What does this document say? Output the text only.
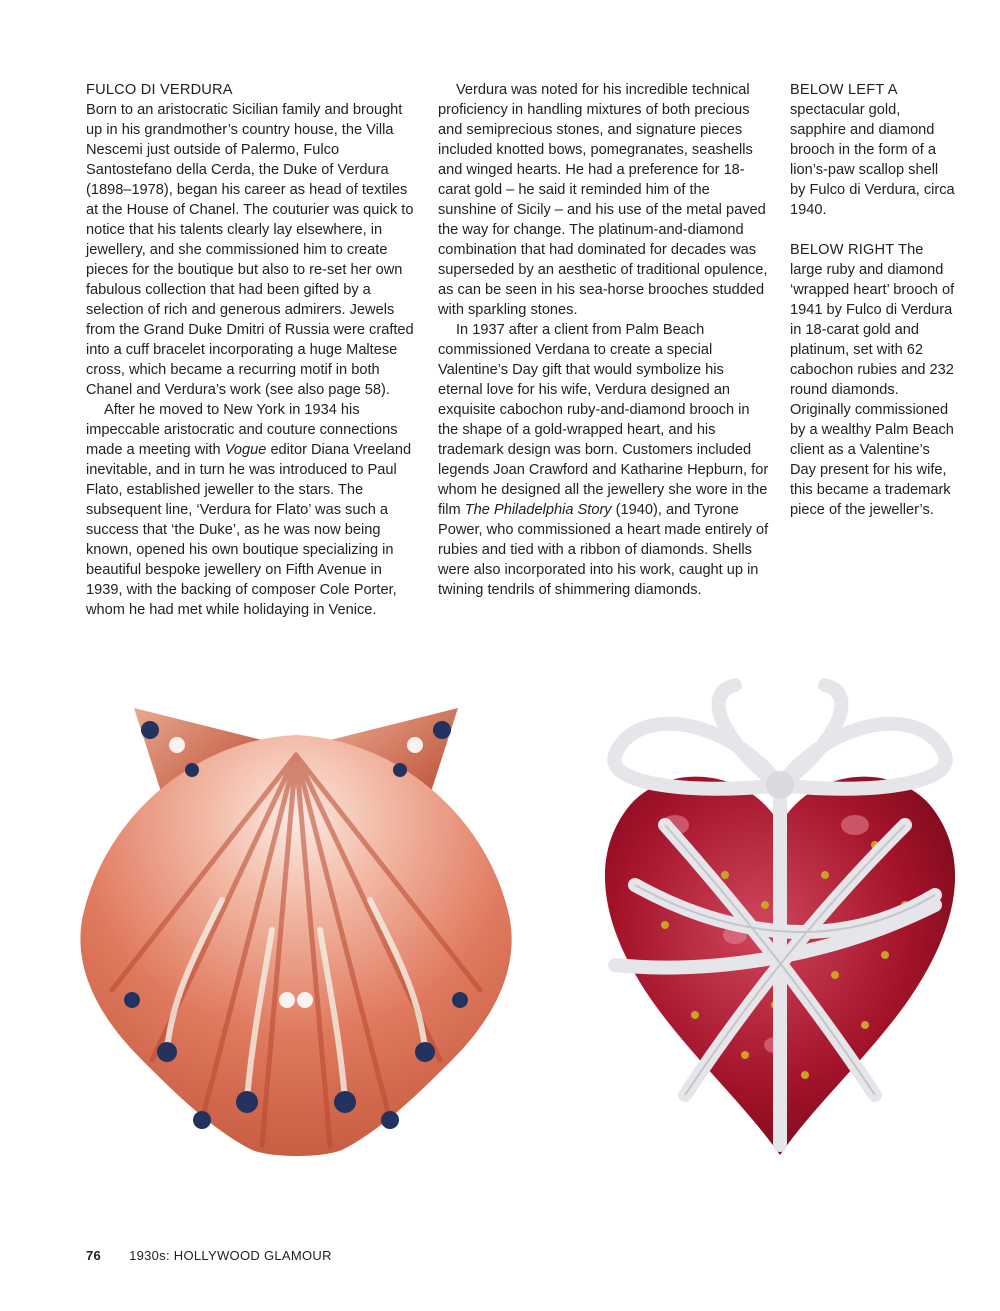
FULCO DI VERDURA

Born to an aristocratic Sicilian family and brought up in his grandmother’s country house, the Villa Nescemi just outside of Palermo, Fulco Santostefano della Cerda, the Duke of Verdura (1898–1978), began his career as head of textiles at the House of Chanel. The couturier was quick to notice that his talents clearly lay elsewhere, in jewellery, and she commissioned him to create pieces for the boutique but also to re-set her own fabulous collection that had been gifted by a selection of rich and generous admirers. Jewels from the Grand Duke Dmitri of Russia were crafted into a cuff bracelet incorporating a huge Maltese cross, which became a recurring motif in both Chanel and Verdura’s work (see also page 58).

After he moved to New York in 1934 his impeccable aristocratic and couture connections made a meeting with Vogue editor Diana Vreeland inevitable, and in turn he was introduced to Paul Flato, established jeweller to the stars. The subsequent line, ‘Verdura for Flato’ was such a success that ‘the Duke’, as he was now being known, opened his own boutique specializing in beautiful bespoke jewellery on Fifth Avenue in 1939, with the backing of composer Cole Porter, whom he had met while holidaying in Venice.

Verdura was noted for his incredible technical proficiency in handling mixtures of both precious and semiprecious stones, and signature pieces included knotted bows, pomegranates, seashells and winged hearts. He had a preference for 18-carat gold – he said it reminded him of the sunshine of Sicily – and his use of the metal paved the way for change. The platinum-and-diamond combination that had dominated for decades was superseded by an aesthetic of traditional opulence, as can be seen in his sea-horse brooches studded with sparkling stones.

In 1937 after a client from Palm Beach commissioned Verdana to create a special Valentine’s Day gift that would symbolize his eternal love for his wife, Verdura designed an exquisite cabochon ruby-and-diamond brooch in the shape of a gold-wrapped heart, and his trademark design was born. Customers included legends Joan Crawford and Katharine Hepburn, for whom he designed all the jewellery she wore in the film The Philadelphia Story (1940), and Tyrone Power, who commissioned a heart made entirely of rubies and tied with a ribbon of diamonds. Shells were also incorporated into his work, caught up in twining tendrils of shimmering diamonds.

BELOW LEFT A spectacular gold, sapphire and diamond brooch in the form of a lion’s-paw scallop shell by Fulco di Verdura, circa 1940.

BELOW RIGHT The large ruby and diamond ‘wrapped heart’ brooch of 1941 by Fulco di Verdura in 18-carat gold and platinum, set with 62 cabochon rubies and 232 round diamonds. Originally commissioned by a wealthy Palm Beach client as a Valentine’s Day present for his wife, this became a trademark piece of the jeweller’s.

76 1930s: HOLLYWOOD GLAMOUR
